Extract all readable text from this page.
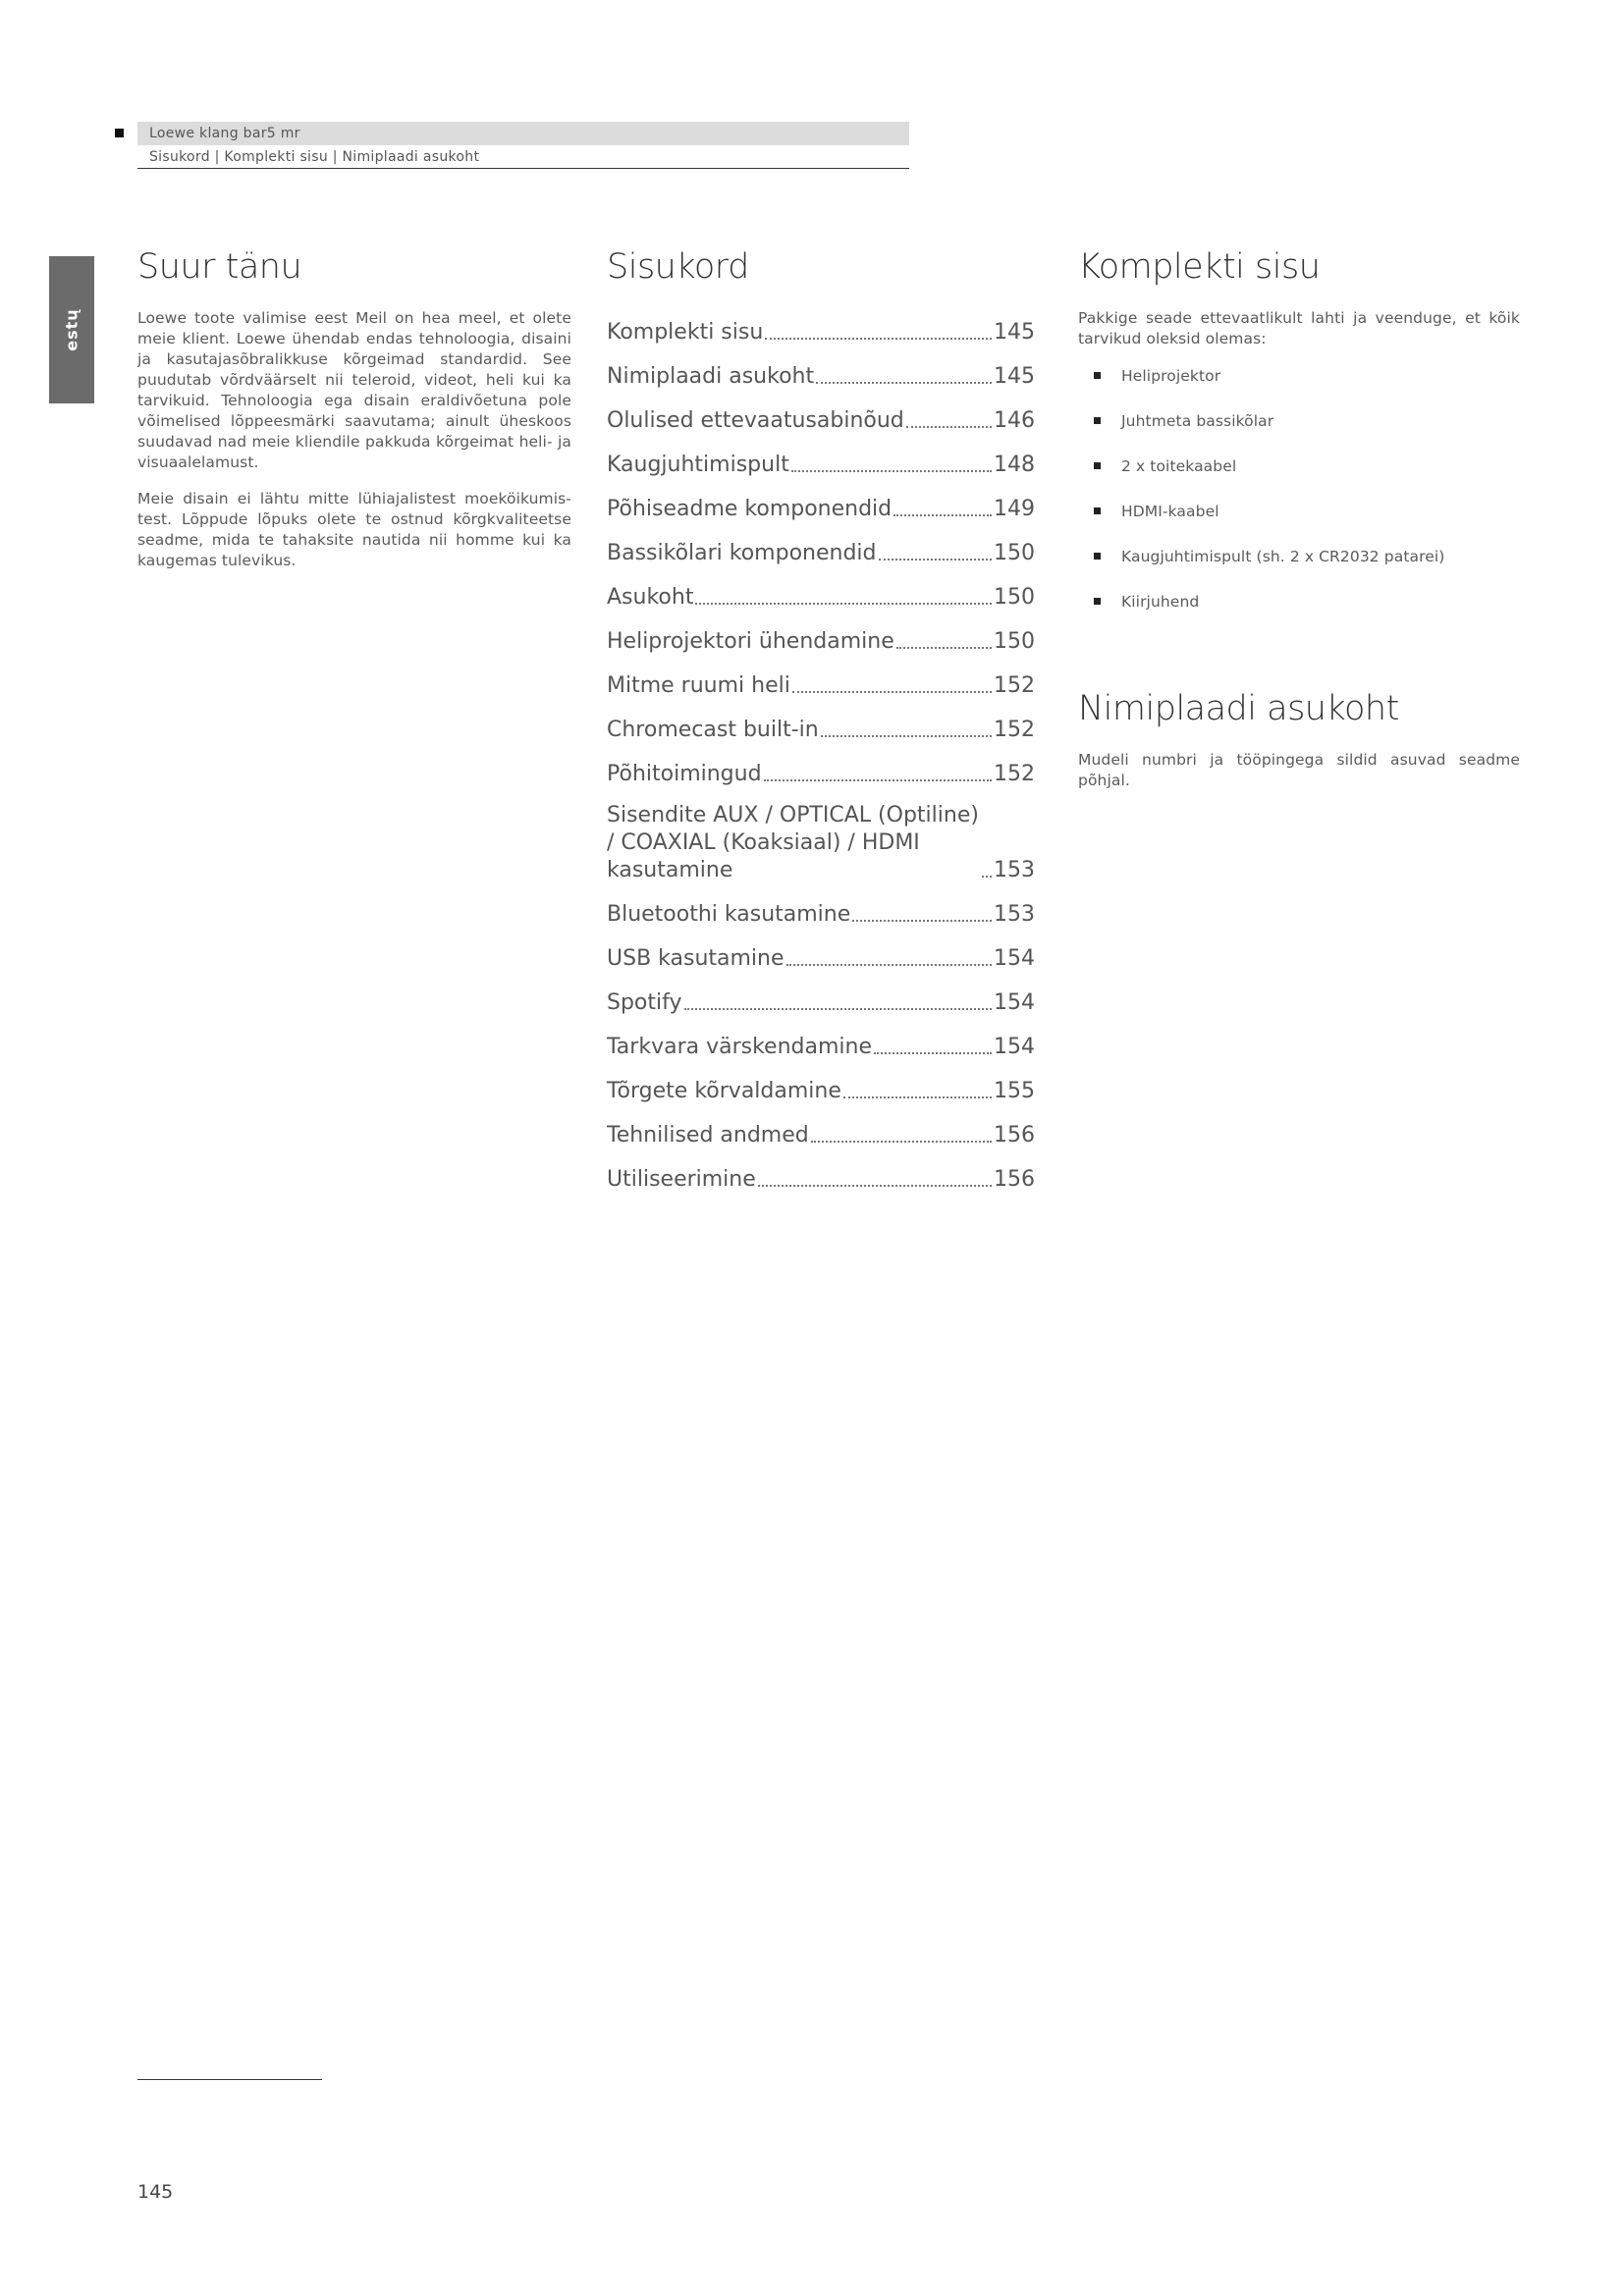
Loewe klang bar5 mr
Sisukord | Komplekti sisu | Nimiplaadi asukoht
estų
Suur tänu

Loewe toote valimise eest Meil on hea meel, et olete meie klient. Loewe ühendab endas tehnoloogia, disaini ja kasutajasõbralikkuse kõrgeimad standardid. See puudutab võrdväärselt nii teleroid, videot, heli kui ka tarvikuid. Tehnoloogia ega disain eraldivõetuna pole võimelised lõppeesmärki saavutama; ainult üheskoos suudavad nad meie kliendile pakkuda kõrgeimat heli- ja visuaalelamust.

Meie disain ei lähtu mitte lühiajalistest moeköikumis-test. Lõppude lõpuks olete te ostnud kõrgkvaliteetse seadme, mida te tahaksite nautida nii homme kui ka kaugemas tulevikus.

Sisukord
Komplekti sisu	145
Nimiplaadi asukoht	145
Olulised ettevaatusabinõud	146
Kaugjuhtimispult	148
Põhiseadme komponendid	149
Bassikõlari komponendid	150
Asukoht	150
Heliprojektori ühendamine	150
Mitme ruumi heli	152
Chromecast built-in	152
Põhitoimingud	152
Sisendite AUX / OPTICAL (Optiline) / COAXIAL (Koaksiaal) / HDMI kasutamine	153
Bluetoothi kasutamine	153
USB kasutamine	154
Spotify	154
Tarkvara värskendamine	154
Tõrgete kõrvaldamine	155
Tehnilised andmed	156
Utiliseerimine	156
Komplekti sisu

Pakkige seade ettevaatlikult lahti ja veenduge, et kõik tarvikud oleksid olemas:

Heliprojektor
Juhtmeta bassikõlar
2 x toitekaabel
HDMI-kaabel
Kaugjuhtimispult (sh. 2 x CR2032 patarei)
Kiirjuhend
Nimiplaadi asukoht

Mudeli numbri ja tööpingega sildid asuvad seadme põhjal.

145
